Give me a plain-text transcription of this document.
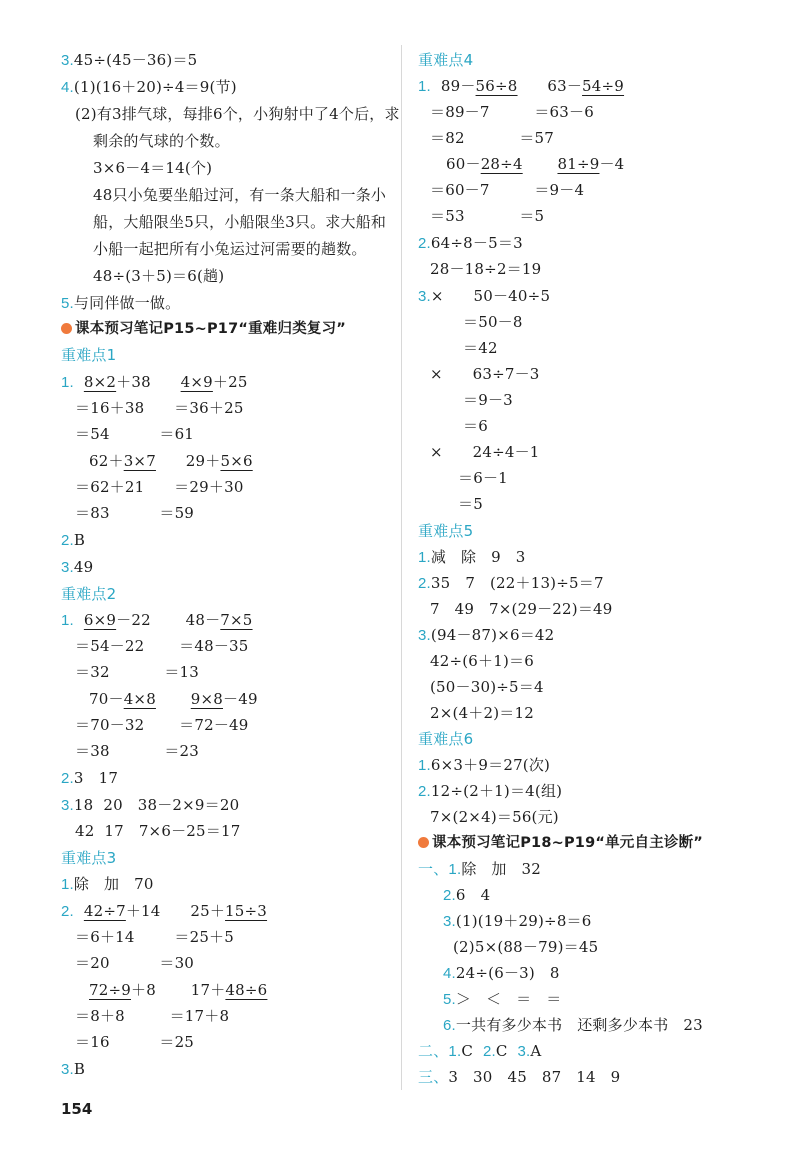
3.45÷(45－36)＝5
4.(1)(16＋20)÷4＝9(节)
(2)有3排气球，每排6个，小狗射中了4个后，求
剩余的气球的个数。
3×6－4＝14(个)
48只小兔要坐船过河，有一条大船和一条小
船，大船限坐5只，小船限坐3只。求大船和
小船一起把所有小兔运过河需要的趟数。
48÷(3＋5)＝6(趟)
5.与同伴做一做。
课本预习笔记P15~P17“重难归类复习”
重难点1
1. 8×2＋38      4×9＋25
＝16＋38      ＝36＋25
＝54          ＝61
62＋3×7      29＋5×6
＝62＋21      ＝29＋30
＝83          ＝59
2.B
3.49
重难点2
1. 6×9－22       48－7×5
＝54－22       ＝48－35
＝32           ＝13
70－4×8 9×8－49
＝70－32       ＝72－49
＝38           ＝23
2.3   17
3.18  20   38－2×9＝20
42  17   7×6－25＝17
重难点3
1.除   加   70
2. 42÷7＋14      25＋15÷3
＝6＋14        ＝25＋5
＝20          ＝30
72÷9＋8       17＋48÷6
＝8＋8         ＝17＋8
＝16          ＝25
3.B
重难点4
1.  89－56÷8      63－54÷9
＝89－7         ＝63－6
＝82           ＝57
60－28÷4 81÷9－4
＝60－7         ＝9－4
＝53           ＝5
2.64÷8－5＝3
28－18÷2＝19
3.×      50－40÷5
＝50－8
＝42
×      63÷7－3
＝9－3
＝6
×      24÷4－1
＝6－1
＝5
重难点5
1.减   除   9   3
2.35   7   (22＋13)÷5＝7
7   49   7×(29－22)＝49
3.(94－87)×6＝42
42÷(6＋1)＝6
(50－30)÷5＝4
2×(4＋2)＝12
重难点6
1.6×3＋9＝27(次)
2.12÷(2＋1)＝4(组)
7×(2×4)＝56(元)
课本预习笔记P18~P19“单元自主诊断”
一、1.除   加   32
2.6   4
3.(1)(19＋29)÷8＝6
(2)5×(88－79)＝45
4.24÷(6－3)   8
5.＞   ＜   ＝   ＝
6.一共有多少本书   还剩多少本书   23
二、1.C  2.C  3.A
三、3   30   45   87   14   9
154
